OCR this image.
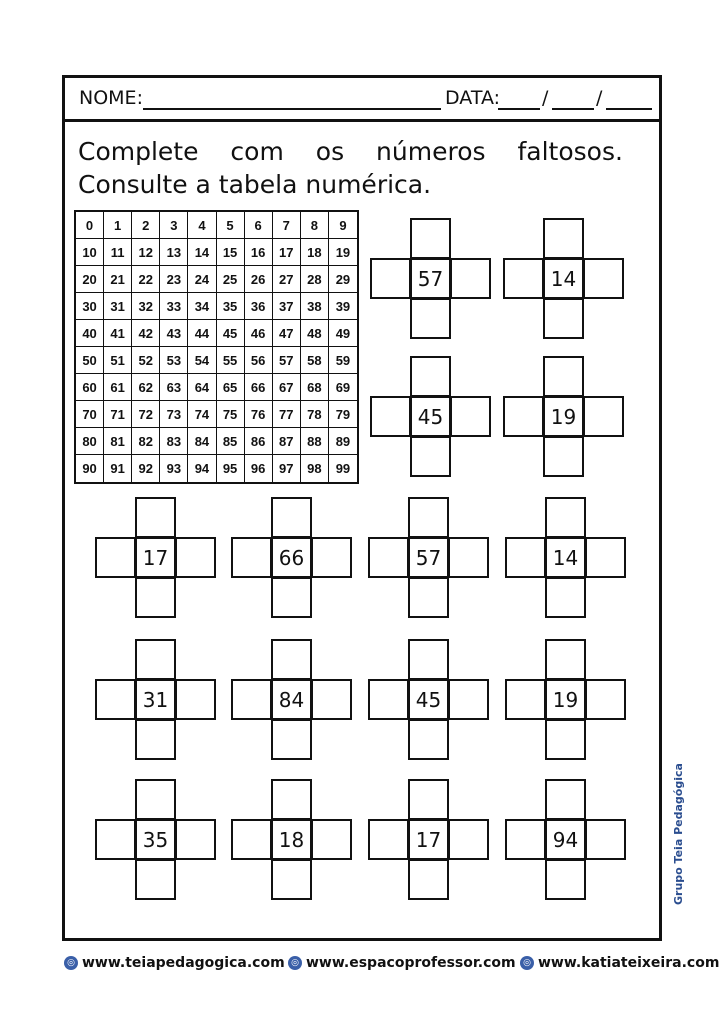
NOME:	DATA: /	/
Complete com os números faltosos.
Consulte a tabela numérica.
0	1	2	3	4	5	6	7	8	9
10	11	12	13	14	15	16	17	18	19
20	21	22	23	24	25	26	27	28	29
30	31	32	33	34	35	36	37	38	39
40	41	42	43	44	45	46	47	48	49
50	51	52	53	54	55	56	57	58	59
60	61	62	63	64	65	66	67	68	69
70	71	72	73	74	75	76	77	78	79
80	81	82	83	84	85	86	87	88	89
90	91	92	93	94	95	96	97	98	99
57	14
45	19
17	66	57	14
31	84	45	19
35	18	17	94
◎ www.teiapedagogica.com ◎ www.espacoprofessor.com ◎ www.katiateixeira.com
Grupo Teia Pedagógica
